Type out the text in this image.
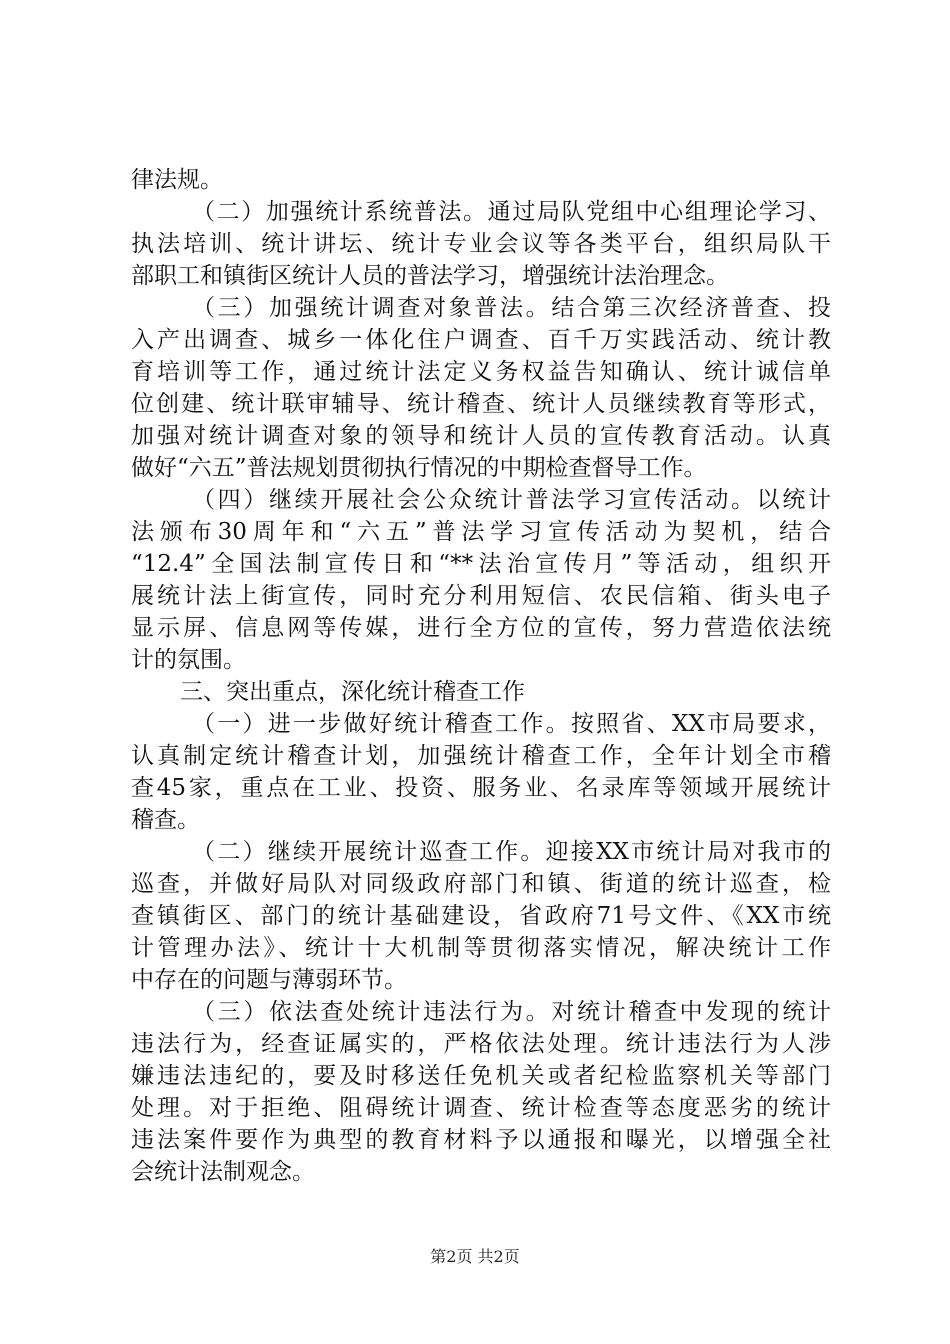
律法规。
（二）加强统计系统普法。通过局队党组中心组理论学习、
执法培训、统计讲坛、统计专业会议等各类平台，组织局队干
部职工和镇街区统计人员的普法学习，增强统计法治理念。
（三）加强统计调查对象普法。结合第三次经济普查、投
入产出调查、城乡一体化住户调查、百千万实践活动、统计教
育培训等工作，通过统计法定义务权益告知确认、统计诚信单
位创建、统计联审辅导、统计稽查、统计人员继续教育等形式，
加强对统计调查对象的领导和统计人员的宣传教育活动。认真
做好“六五”普法规划贯彻执行情况的中期检查督导工作。
（四）继续开展社会公众统计普法学习宣传活动。以统计
法颁布30周年和“六五”普法学习宣传活动为契机，结合
“12.4”全国法制宣传日和“**法治宣传月”等活动，组织开
展统计法上街宣传，同时充分利用短信、农民信箱、街头电子
显示屏、信息网等传媒，进行全方位的宣传，努力营造依法统
计的氛围。
三、突出重点，深化统计稽查工作
（一）进一步做好统计稽查工作。按照省、XX市局要求，
认真制定统计稽查计划，加强统计稽查工作，全年计划全市稽
查45家，重点在工业、投资、服务业、名录库等领域开展统计
稽查。
（二）继续开展统计巡查工作。迎接XX市统计局对我市的
巡查，并做好局队对同级政府部门和镇、街道的统计巡查，检
查镇街区、部门的统计基础建设，省政府71号文件、《XX市统
计管理办法》、统计十大机制等贯彻落实情况，解决统计工作
中存在的问题与薄弱环节。
（三）依法查处统计违法行为。对统计稽查中发现的统计
违法行为，经查证属实的，严格依法处理。统计违法行为人涉
嫌违法违纪的，要及时移送任免机关或者纪检监察机关等部门
处理。对于拒绝、阻碍统计调查、统计检查等态度恶劣的统计
违法案件要作为典型的教育材料予以通报和曝光，以增强全社
会统计法制观念。
第2页 共2页
